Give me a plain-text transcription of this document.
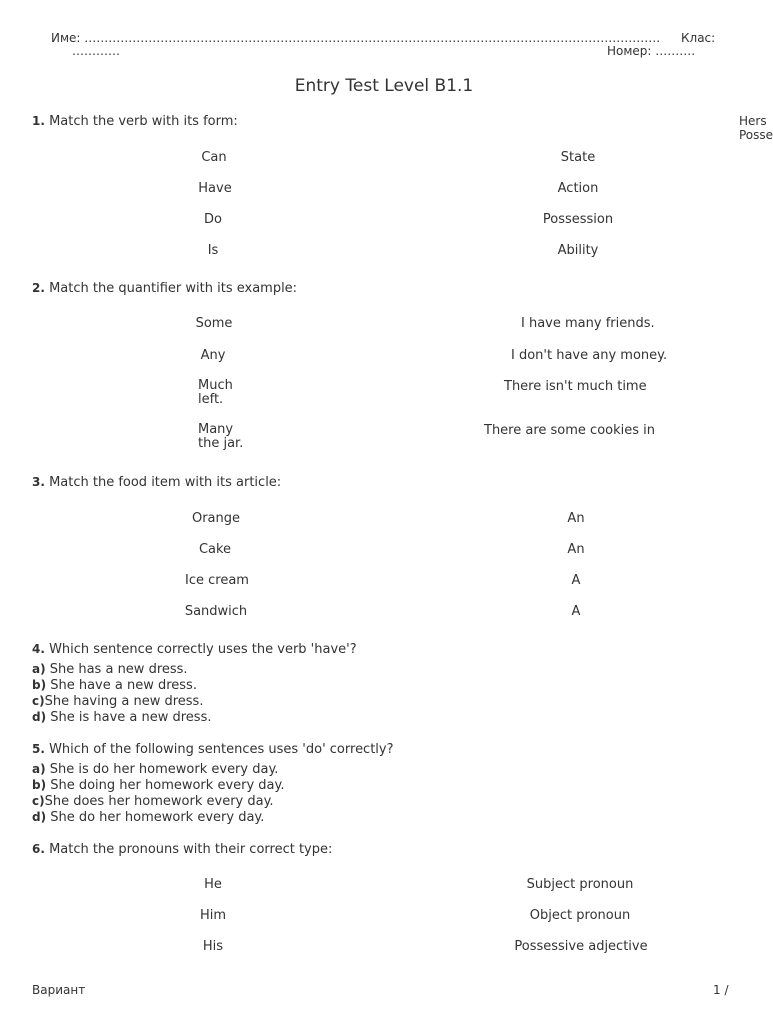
Име: ……………………………………………………………………………………………………………………………… Клас:
…………	Номер: ……….
Entry Test Level B1.1
Hers
Posse
1. Match the verb with its form:
Can
Have
Do
Is
State
Action
Possession
Ability
2. Match the quantifier with its example:
Some
Any
Much
left.
Many
the jar.
I have many friends.
I don't have any money.
There isn't much time
There are some cookies in
3. Match the food item with its article:
Orange
Cake
Ice cream
Sandwich
An
An
A
A
4. Which sentence correctly uses the verb 'have'?
a) She has a new dress.
b) She have a new dress.
c)She having a new dress.
d) She is have a new dress.
5. Which of the following sentences uses 'do' correctly?
a) She is do her homework every day.
b) She doing her homework every day.
c)She does her homework every day.
d) She do her homework every day.
6. Match the pronouns with their correct type:
He
Him
His
Subject pronoun
Object pronoun
Possessive adjective
Вариант	1 /
